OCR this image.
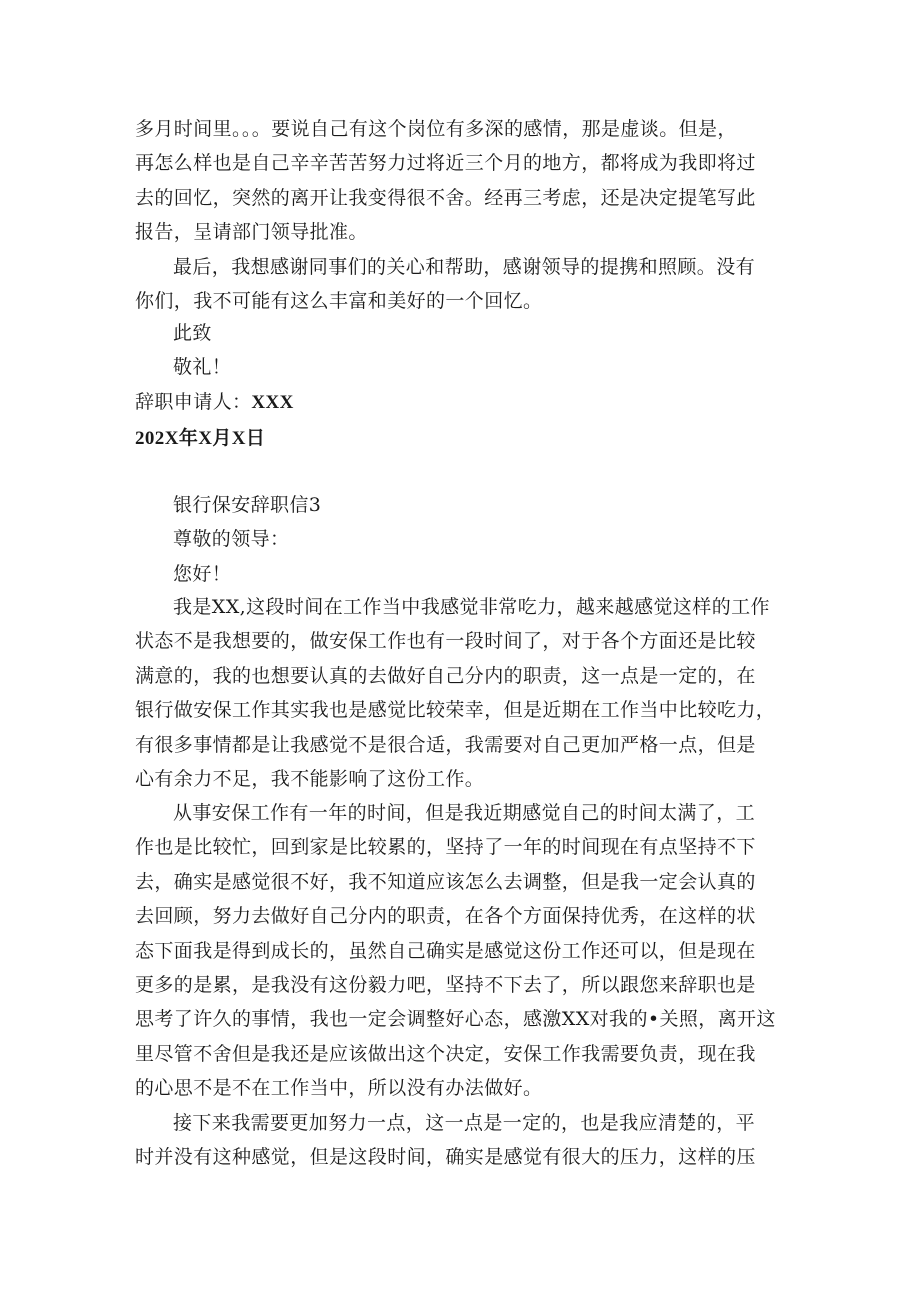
多月时间里。。。要说自己有这个岗位有多深的感情，那是虚谈。但是，
再怎么样也是自己辛辛苦苦努力过将近三个月的地方，都将成为我即将过
去的回忆，突然的离开让我变得很不舍。经再三考虑，还是决定提笔写此
报告，呈请部门领导批准。
最后，我想感谢同事们的关心和帮助，感谢领导的提携和照顾。没有
你们，我不可能有这么丰富和美好的一个回忆。
此致
敬礼！
辞职申请人：XXX
202X年X月X日
银行保安辞职信3
尊敬的领导：
您好！
我是XX,这段时间在工作当中我感觉非常吃力，越来越感觉这样的工作
状态不是我想要的，做安保工作也有一段时间了，对于各个方面还是比较
满意的，我的也想要认真的去做好自己分内的职责，这一点是一定的，在
银行做安保工作其实我也是感觉比较荣幸，但是近期在工作当中比较吃力，
有很多事情都是让我感觉不是很合适，我需要对自己更加严格一点，但是
心有余力不足，我不能影响了这份工作。
从事安保工作有一年的时间，但是我近期感觉自己的时间太满了，工
作也是比较忙，回到家是比较累的，坚持了一年的时间现在有点坚持不下
去，确实是感觉很不好，我不知道应该怎么去调整，但是我一定会认真的
去回顾，努力去做好自己分内的职责，在各个方面保持优秀，在这样的状
态下面我是得到成长的，虽然自己确实是感觉这份工作还可以，但是现在
更多的是累，是我没有这份毅力吧，坚持不下去了，所以跟您来辞职也是
思考了许久的事情，我也一定会调整好心态，感激XX对我的•关照，离开这
里尽管不舍但是我还是应该做出这个决定，安保工作我需要负责，现在我
的心思不是不在工作当中，所以没有办法做好。
接下来我需要更加努力一点，这一点是一定的，也是我应清楚的，平
时并没有这种感觉，但是这段时间，确实是感觉有很大的压力，这样的压
